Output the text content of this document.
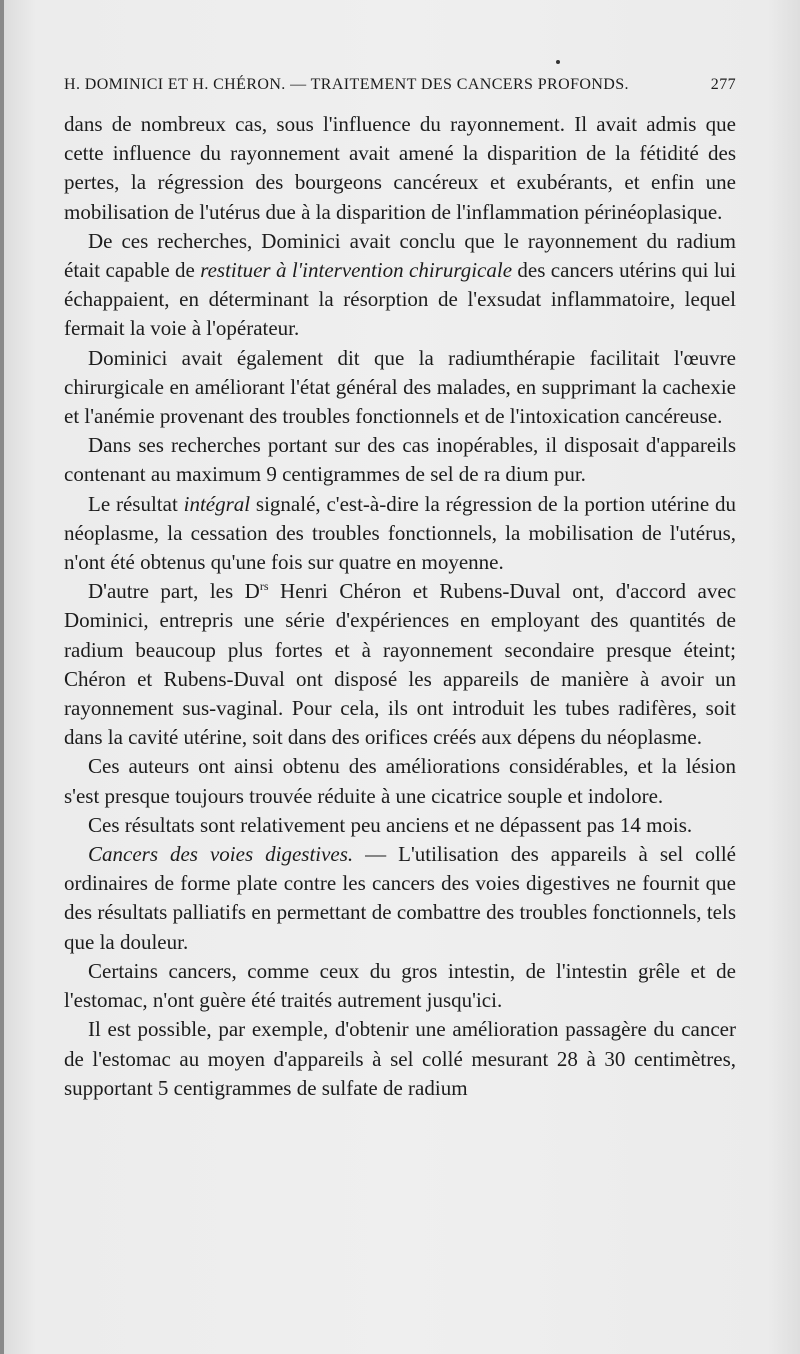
H. DOMINICI ET H. CHÉRON. — TRAITEMENT DES CANCERS PROFONDS.	277

dans de nombreux cas, sous l'influence du rayonnement. Il avait admis que cette influence du rayonnement avait amené la disparition de la fétidité des pertes, la régression des bourgeons cancéreux et exubérants, et enfin une mobilisation de l'utérus due à la disparition de l'inflammation périnéoplasique.

De ces recherches, Dominici avait conclu que le rayonnement du radium était capable de restituer à l'intervention chirurgicale des cancers utérins qui lui échappaient, en déterminant la résorption de l'exsudat inflammatoire, lequel fermait la voie à l'opérateur.

Dominici avait également dit que la radiumthérapie facilitait l'œuvre chirurgicale en améliorant l'état général des malades, en supprimant la cachexie et l'anémie provenant des troubles fonctionnels et de l'intoxication cancéreuse.

Dans ses recherches portant sur des cas inopérables, il disposait d'appareils contenant au maximum 9 centigrammes de sel de ra dium pur.

Le résultat intégral signalé, c'est-à-dire la régression de la portion utérine du néoplasme, la cessation des troubles fonctionnels, la mobilisation de l'utérus, n'ont été obtenus qu'une fois sur quatre en moyenne.

D'autre part, les $D^{rs}$ Henri Chéron et Rubens-Duval ont, d'accord avec Dominici, entrepris une série d'expériences en employant des quantités de radium beaucoup plus fortes et à rayonnement secondaire presque éteint; Chéron et Rubens-Duval ont disposé les appareils de manière à avoir un rayonnement sus-vaginal. Pour cela, ils ont introduit les tubes radifères, soit dans la cavité utérine, soit dans des orifices créés aux dépens du néoplasme.

Ces auteurs ont ainsi obtenu des améliorations considérables, et la lésion s'est presque toujours trouvée réduite à une cicatrice souple et indolore.

Ces résultats sont relativement peu anciens et ne dépassent pas 14 mois.

Cancers des voies digestives. — L'utilisation des appareils à sel collé ordinaires de forme plate contre les cancers des voies digestives ne fournit que des résultats palliatifs en permettant de combattre des troubles fonctionnels, tels que la douleur.

Certains cancers, comme ceux du gros intestin, de l'intestin grêle et de l'estomac, n'ont guère été traités autrement jusqu'ici.

Il est possible, par exemple, d'obtenir une amélioration passagère du cancer de l'estomac au moyen d'appareils à sel collé mesurant 28 à 30 centimètres, supportant 5 centigrammes de sulfate de radium
